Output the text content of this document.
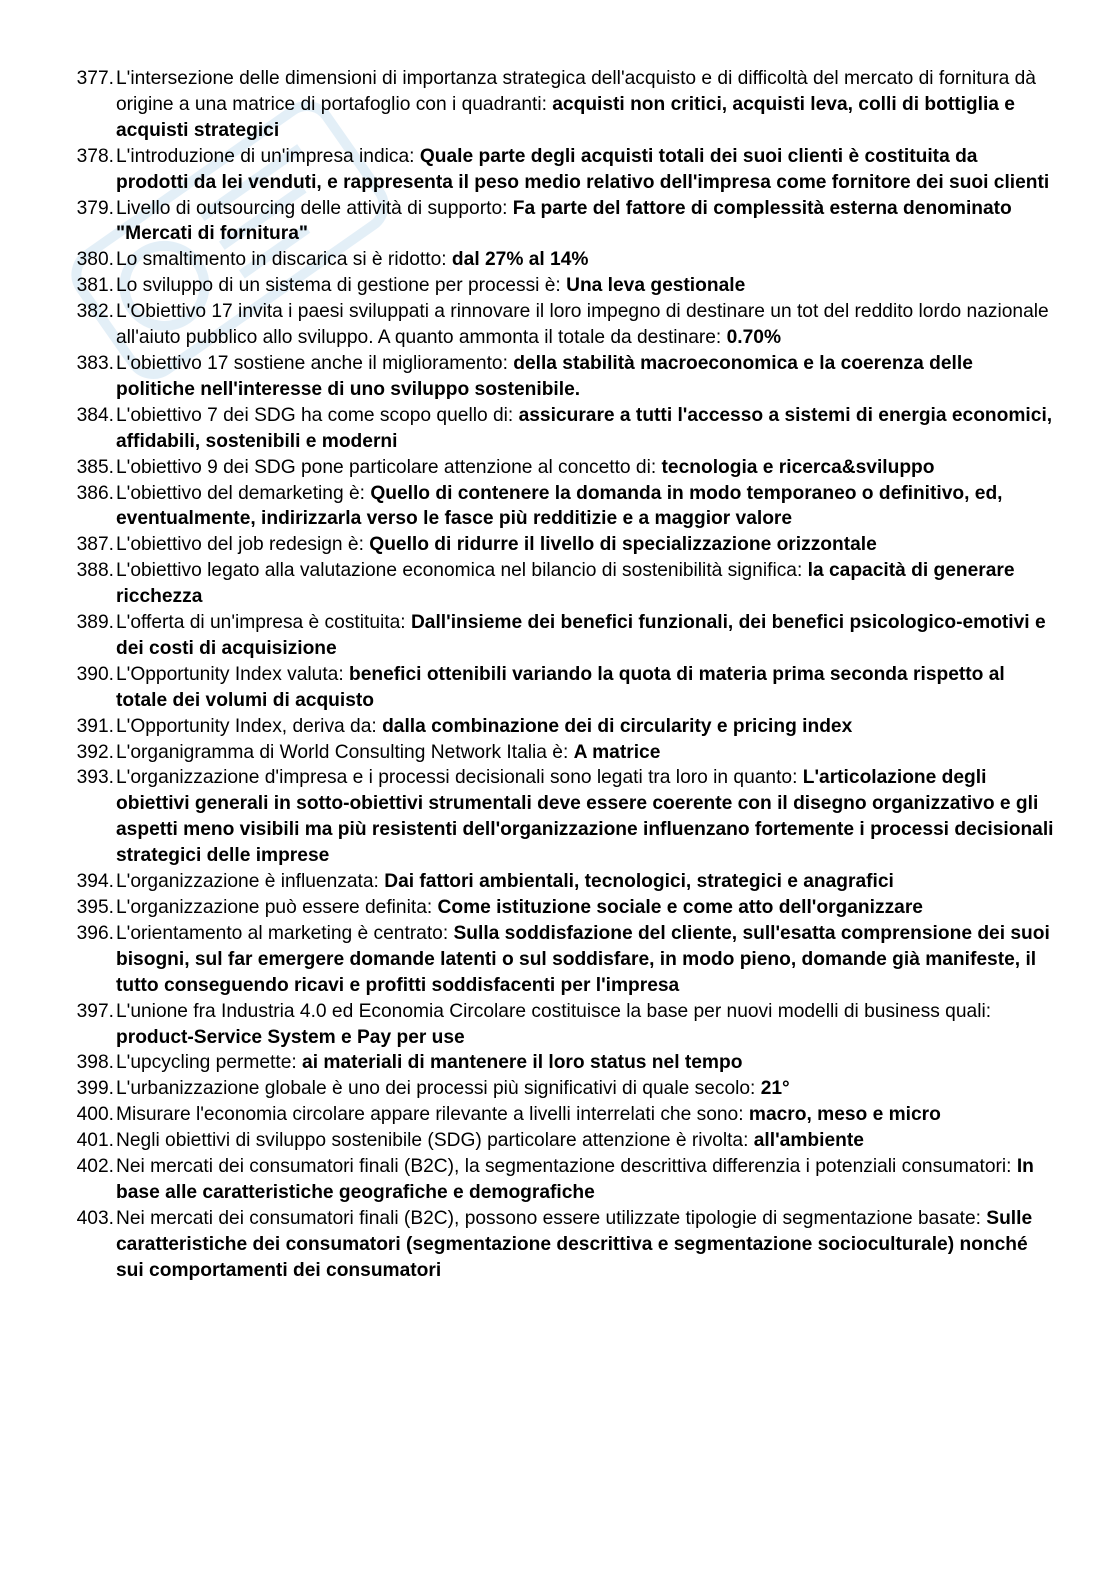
377. L'intersezione delle dimensioni di importanza strategica dell'acquisto e di difficoltà del mercato di fornitura dà origine a una matrice di portafoglio con i quadranti: acquisti non critici, acquisti leva, colli di bottiglia e acquisti strategici
378. L'introduzione di un'impresa indica: Quale parte degli acquisti totali dei suoi clienti è costituita da prodotti da lei venduti, e rappresenta il peso medio relativo dell'impresa come fornitore dei suoi clienti
379. Livello di outsourcing delle attività di supporto: Fa parte del fattore di complessità esterna denominato "Mercati di fornitura"
380. Lo smaltimento in discarica si è ridotto: dal 27% al 14%
381. Lo sviluppo di un sistema di gestione per processi è: Una leva gestionale
382. L'Obiettivo 17 invita i paesi sviluppati a rinnovare il loro impegno di destinare un tot del reddito lordo nazionale all'aiuto pubblico allo sviluppo. A quanto ammonta il totale da destinare: 0.70%
383. L'obiettivo 17 sostiene anche il miglioramento: della stabilità macroeconomica e la coerenza delle politiche nell'interesse di uno sviluppo sostenibile.
384. L'obiettivo 7 dei SDG ha come scopo quello di: assicurare a tutti l'accesso a sistemi di energia economici, affidabili, sostenibili e moderni
385. L'obiettivo 9 dei SDG pone particolare attenzione al concetto di: tecnologia e ricerca&sviluppo
386. L'obiettivo del demarketing è: Quello di contenere la domanda in modo temporaneo o definitivo, ed, eventualmente, indirizzarla verso le fasce più redditizie e a maggior valore
387. L'obiettivo del job redesign è: Quello di ridurre il livello di specializzazione orizzontale
388. L'obiettivo legato alla valutazione economica nel bilancio di sostenibilità significa: la capacità di generare ricchezza
389. L'offerta di un'impresa è costituita: Dall'insieme dei benefici funzionali, dei benefici psicologico-emotivi e dei costi di acquisizione
390. L'Opportunity Index valuta: benefici ottenibili variando la quota di materia prima seconda rispetto al totale dei volumi di acquisto
391. L'Opportunity Index, deriva da: dalla combinazione dei di circularity e pricing index
392. L'organigramma di World Consulting Network Italia è: A matrice
393. L'organizzazione d'impresa e i processi decisionali sono legati tra loro in quanto: L'articolazione degli obiettivi generali in sotto-obiettivi strumentali deve essere coerente con il disegno organizzativo e gli aspetti meno visibili ma più resistenti dell'organizzazione influenzano fortemente i processi decisionali strategici delle imprese
394. L'organizzazione è influenzata: Dai fattori ambientali, tecnologici, strategici e anagrafici
395. L'organizzazione può essere definita: Come istituzione sociale e come atto dell'organizzare
396. L'orientamento al marketing è centrato: Sulla soddisfazione del cliente, sull'esatta comprensione dei suoi bisogni, sul far emergere domande latenti o sul soddisfare, in modo pieno, domande già manifeste, il tutto conseguendo ricavi e profitti soddisfacenti per l'impresa
397. L'unione fra Industria 4.0 ed Economia Circolare costituisce la base per nuovi modelli di business quali: product-Service System e Pay per use
398. L'upcycling permette: ai materiali di mantenere il loro status nel tempo
399. L'urbanizzazione globale è uno dei processi più significativi di quale secolo: 21°
400. Misurare l'economia circolare appare rilevante a livelli interrelati che sono: macro, meso e micro
401. Negli obiettivi di sviluppo sostenibile (SDG) particolare attenzione è rivolta: all'ambiente
402. Nei mercati dei consumatori finali (B2C), la segmentazione descrittiva differenzia i potenziali consumatori: In base alle caratteristiche geografiche e demografiche
403. Nei mercati dei consumatori finali (B2C), possono essere utilizzate tipologie di segmentazione basate: Sulle caratteristiche dei consumatori (segmentazione descrittiva e segmentazione socioculturale) nonché sui comportamenti dei consumatori
